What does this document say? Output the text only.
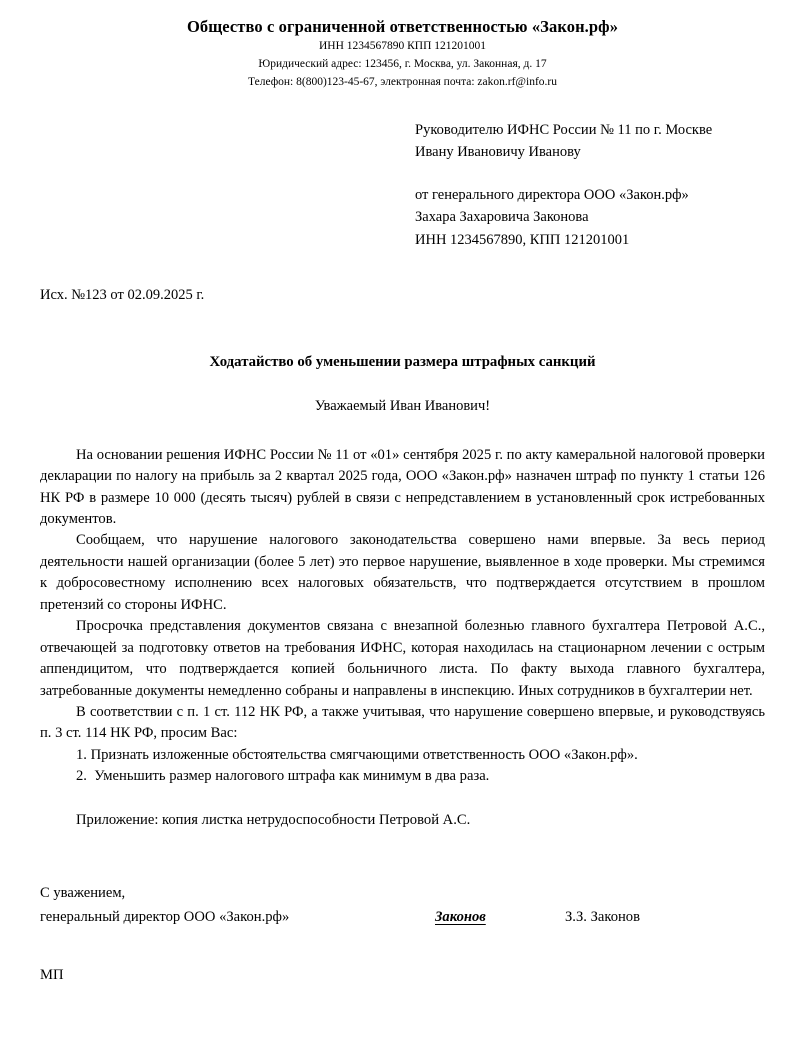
Общество с ограниченной ответственностью «Закон.рф»
ИНН 1234567890 КПП 121201001
Юридический адрес: 123456, г. Москва, ул. Законная, д. 17
Телефон: 8(800)123-45-67, электронная почта: zakon.rf@info.ru
Руководителю ИФНС России № 11 по г. Москве
Ивану Ивановичу Иванову
от генерального директора ООО «Закон.рф»
Захара Захаровича Законова
ИНН 1234567890, КПП 121201001
Исх. №123 от 02.09.2025 г.
Ходатайство об уменьшении размера штрафных санкций
Уважаемый Иван Иванович!

На основании решения ИФНС России № 11 от «01» сентября 2025 г. по акту камеральной налоговой проверки декларации по налогу на прибыль за 2 квартал 2025 года, ООО «Закон.рф» назначен штраф по пункту 1 статьи 126 НК РФ в размере 10 000 (десять тысяч) рублей в связи с непредставлением в установленный срок истребованных документов.

Сообщаем, что нарушение налогового законодательства совершено нами впервые. За весь период деятельности нашей организации (более 5 лет) это первое нарушение, выявленное в ходе проверки. Мы стремимся к добросовестному исполнению всех налоговых обязательств, что подтверждается отсутствием в прошлом претензий со стороны ИФНС.

Просрочка представления документов связана с внезапной болезнью главного бухгалтера Петровой А.С., отвечающей за подготовку ответов на требования ИФНС, которая находилась на стационарном лечении с острым аппендицитом, что подтверждается копией больничного листа. По факту выхода главного бухгалтера, затребованные документы немедленно собраны и направлены в инспекцию. Иных сотрудников в бухгалтерии нет.

В соответствии с п. 1 ст. 112 НК РФ, а также учитывая, что нарушение совершено впервые, и руководствуясь п. 3 ст. 114 НК РФ, просим Вас:

1. Признать изложенные обстоятельства смягчающими ответственность ООО «Закон.рф».

2. Уменьшить размер налогового штрафа как минимум в два раза.

Приложение: копия листка нетрудоспособности Петровой А.С.
С уважением,
генеральный директор ООО «Закон.рф»	Законов	З.З. Законов
МП
